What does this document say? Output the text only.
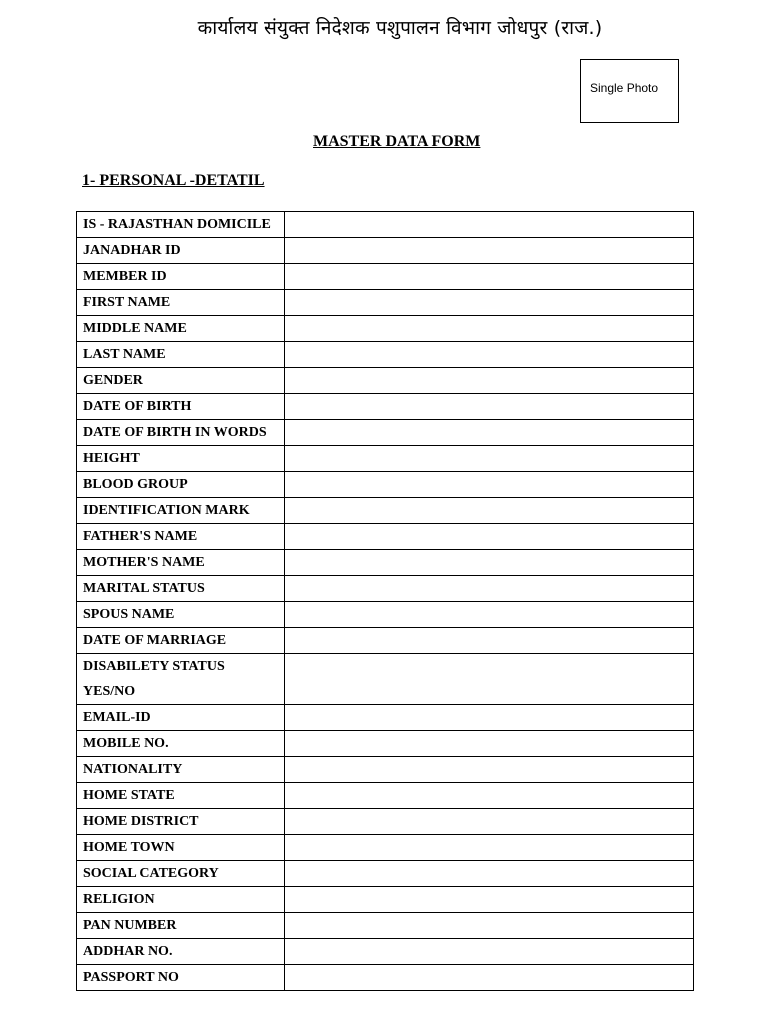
कार्यालय संयुक्त निदेशक पशुपालन विभाग जोधपुर (राज.)
Single Photo
MASTER DATA FORM
1- PERSONAL -DETATIL
IS - RAJASTHAN DOMICILE	

JANADHAR ID	

MEMBER ID	

FIRST NAME	

MIDDLE NAME	

LAST NAME	

GENDER	

DATE OF BIRTH	

DATE OF BIRTH IN WORDS	

HEIGHT	

BLOOD GROUP	

IDENTIFICATION MARK	

FATHER'S NAME	

MOTHER'S NAME	

MARITAL STATUS	

SPOUS NAME	

DATE OF MARRIAGE	

DISABILETY STATUS
YES/NO	

EMAIL-ID	

MOBILE NO.	

NATIONALITY	

HOME STATE	

HOME DISTRICT	

HOME TOWN	

SOCIAL CATEGORY	

RELIGION	

PAN NUMBER	

ADDHAR NO.	

PASSPORT NO	
